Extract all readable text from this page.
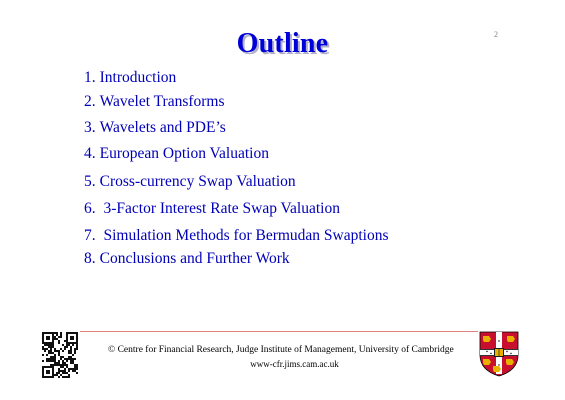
Outline	2
1. Introduction
2. Wavelet Transforms
3. Wavelets and PDE’s
4. European Option Valuation
5. Cross-currency Swap Valuation
6. 3-Factor Interest Rate Swap Valuation
7. Simulation Methods for Bermudan Swaptions
8. Conclusions and Further Work
© Centre for Financial Research, Judge Institute of Management, University of Cambridge
www-cfr.jims.cam.ac.uk
